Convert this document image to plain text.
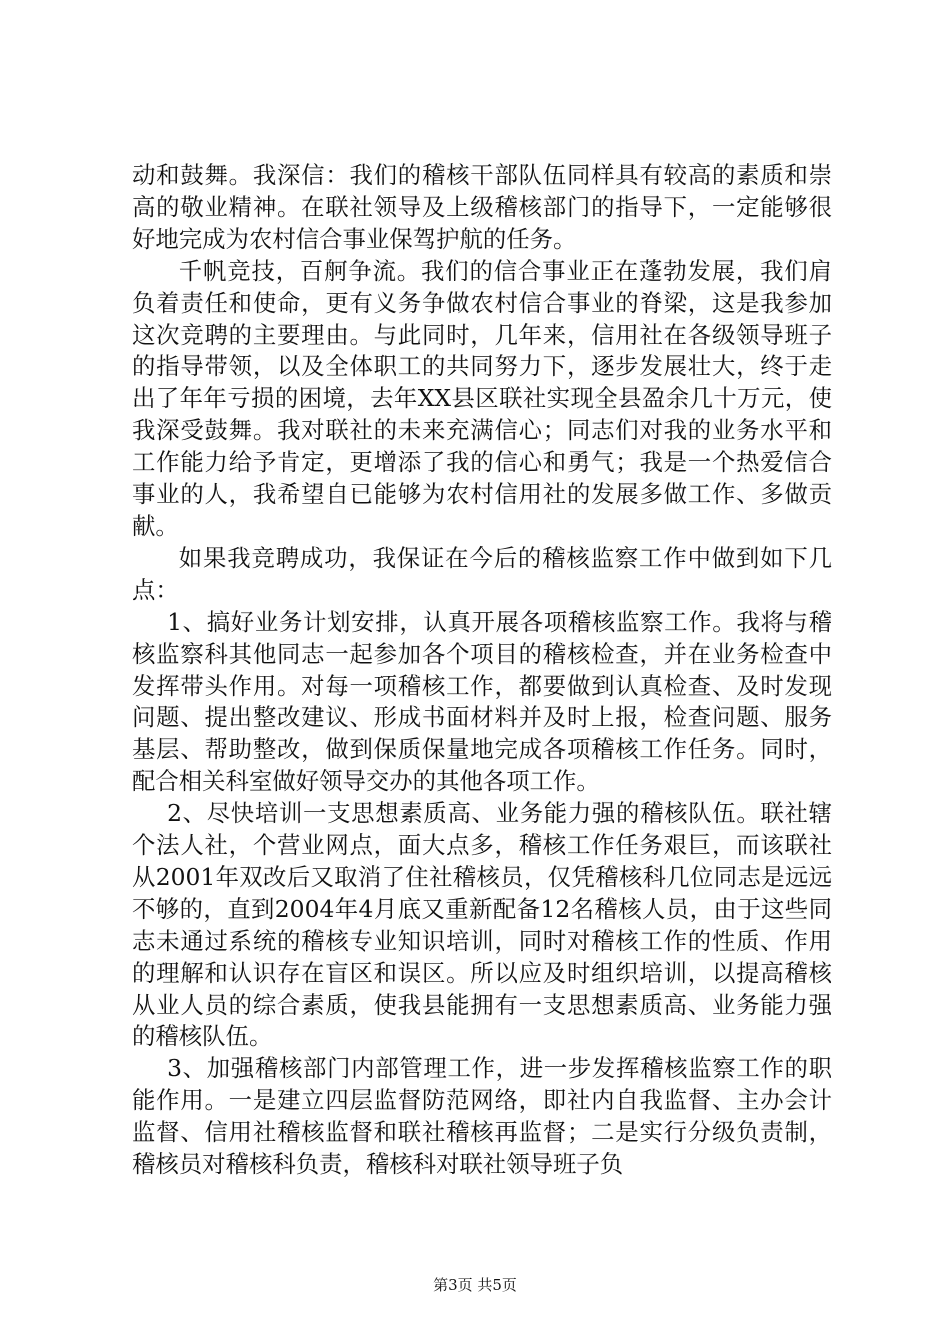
动和鼓舞。我深信：我们的稽核干部队伍同样具有较高的素质和崇高的敬业精神。在联社领导及上级稽核部门的指导下，一定能够很好地完成为农村信合事业保驾护航的任务。

千帆竞技，百舸争流。我们的信合事业正在蓬勃发展，我们肩负着责任和使命，更有义务争做农村信合事业的脊梁，这是我参加这次竞聘的主要理由。与此同时，几年来，信用社在各级领导班子的指导带领，以及全体职工的共同努力下，逐步发展壮大，终于走出了年年亏损的困境，去年XX县区联社实现全县盈余几十万元，使我深受鼓舞。我对联社的未来充满信心；同志们对我的业务水平和工作能力给予肯定，更增添了我的信心和勇气；我是一个热爱信合事业的人，我希望自已能够为农村信用社的发展多做工作、多做贡献。

如果我竞聘成功，我保证在今后的稽核监察工作中做到如下几点：

1、搞好业务计划安排，认真开展各项稽核监察工作。我将与稽核监察科其他同志一起参加各个项目的稽核检查，并在业务检查中发挥带头作用。对每一项稽核工作，都要做到认真检查、及时发现问题、提出整改建议、形成书面材料并及时上报，检查问题、服务基层、帮助整改，做到保质保量地完成各项稽核工作任务。同时，配合相关科室做好领导交办的其他各项工作。

2、尽快培训一支思想素质高、业务能力强的稽核队伍。联社辖个法人社，个营业网点，面大点多，稽核工作任务艰巨，而该联社从2001年双改后又取消了住社稽核员，仅凭稽核科几位同志是远远不够的，直到2004年4月底又重新配备12名稽核人员，由于这些同志未通过系统的稽核专业知识培训，同时对稽核工作的性质、作用的理解和认识存在盲区和误区。所以应及时组织培训，以提高稽核从业人员的综合素质，使我县能拥有一支思想素质高、业务能力强的稽核队伍。

3、加强稽核部门内部管理工作，进一步发挥稽核监察工作的职能作用。一是建立四层监督防范网络，即社内自我监督、主办会计监督、信用社稽核监督和联社稽核再监督；二是实行分级负责制，稽核员对稽核科负责，稽核科对联社领导班子负

第3页 共5页
